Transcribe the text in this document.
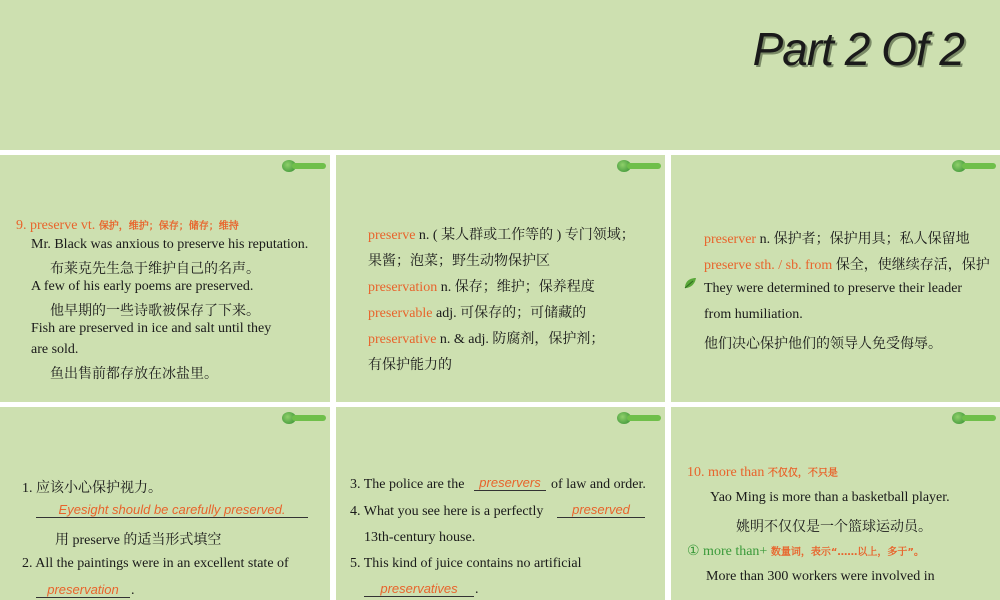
Part 2 Of 2
9. preserve vt. 保护，维护；保存；储存；维持
Mr. Black was anxious to preserve his reputation.
布莱克先生急于维护自己的名声。
A few of his early poems are preserved.
他早期的一些诗歌被保存了下来。
Fish are preserved in ice and salt until they
are sold.
鱼出售前都存放在冰盐里。
preserve n. ( 某人群或工作等的 ) 专门领域；
果酱；泡菜；野生动物保护区
preservation n. 保存；维护；保养程度
preservable adj. 可保存的；可储藏的
preservative n. & adj. 防腐剂，保护剂；
有保护能力的
preserver n. 保护者；保护用具；私人保留地
preserve sth. / sb. from 保全，使继续存活，保护
They were determined to preserve their leader
from humiliation.
他们决心保护他们的领导人免受侮辱。
1. 应该小心保护视力。
Eyesight should be carefully preserved.
用 preserve 的适当形式填空
2. All the paintings were in an excellent state of
preservation .
3. The police are the	preservers of law and order.
4. What you see here is a perfectly	preserved
13th-century house.
5. This kind of juice contains no artificial
preservatives	.
10. more than 不仅仅，不只是
Yao Ming is more than a basketball player.
姚明不仅仅是一个篮球运动员。
① more than+ 数量词，表示“……以上，多于”。
More than 300 workers were involved in
